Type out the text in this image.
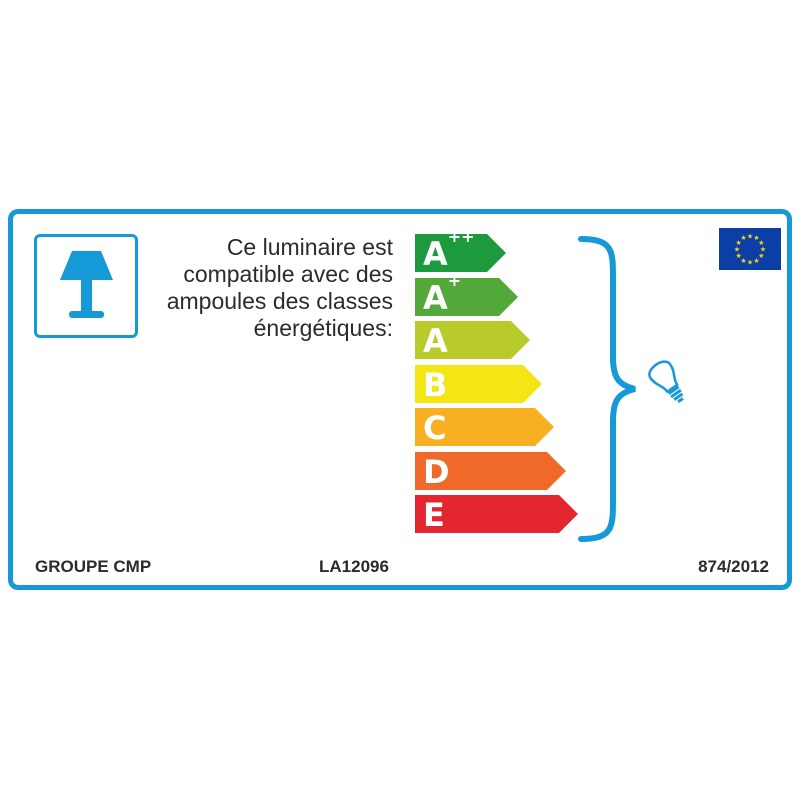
Ce luminaire est
compatible avec des
ampoules des classes
énergétiques:
A++
A+
A
B
C
D
E
★ ★
★
★
★
★
★
★
★
★
★
★
GROUPE CMP	LA12096	874/2012
